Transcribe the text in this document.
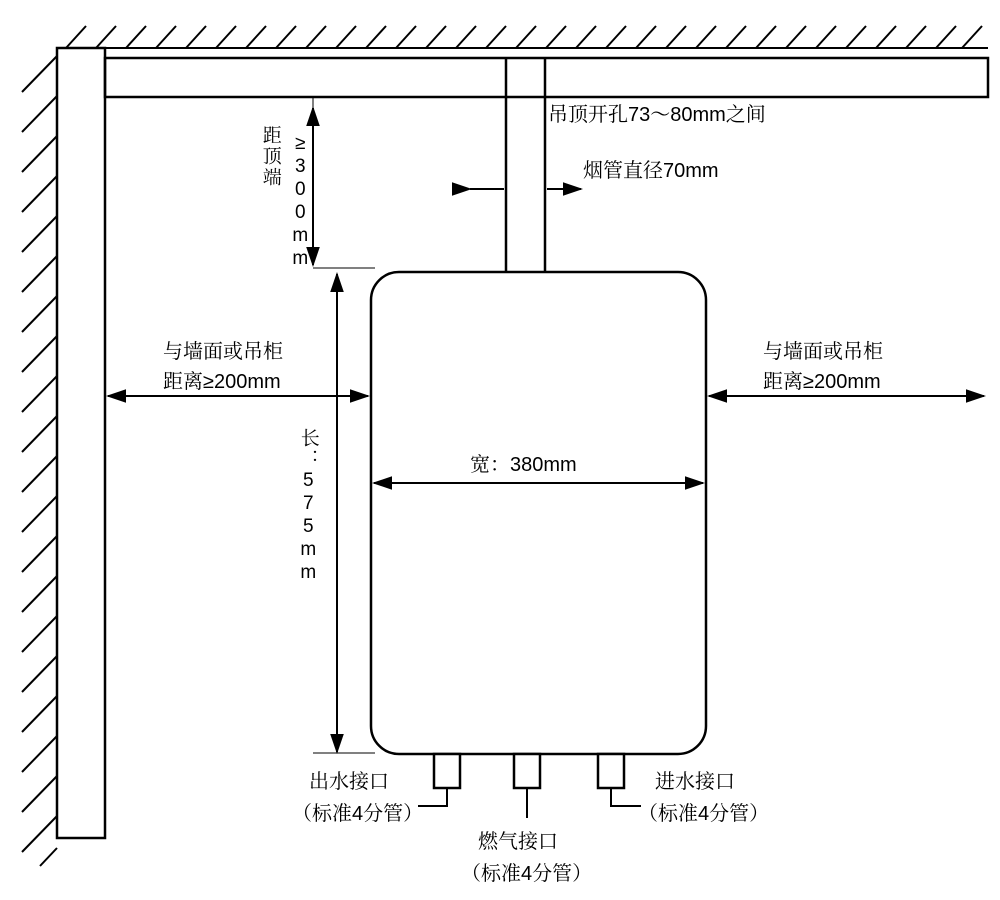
吊顶开孔73～80mm之间
烟管直径70mm
距顶端 ≥300mm
与墙面或吊柜
距离≥200mm
与墙面或吊柜
距离≥200mm
长：575mm	宽：380mm
出水接口
（标准4分管）
燃气接口
（标准4分管）
进水接口
（标准4分管）
